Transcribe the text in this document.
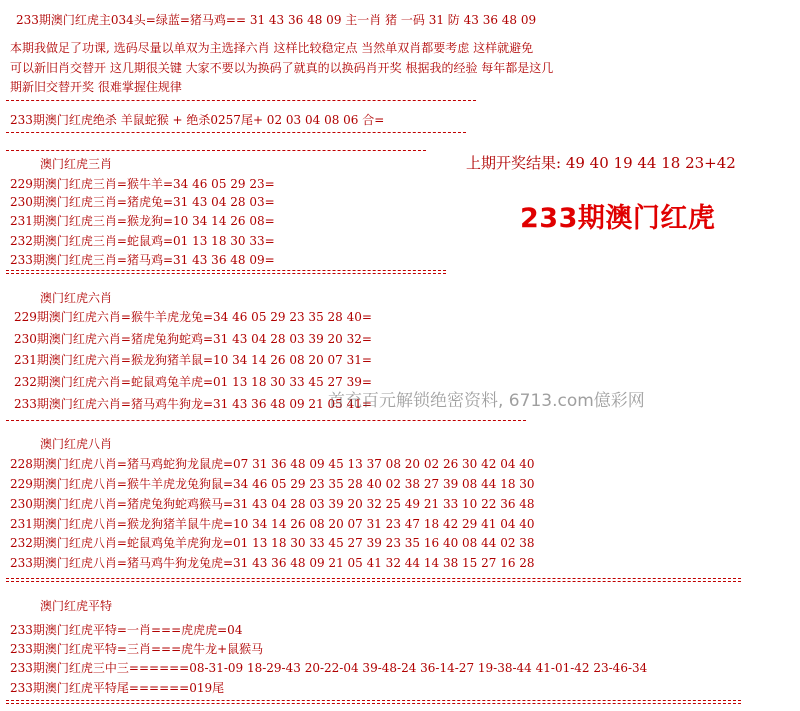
233期澳门红虎主034头=绿蓝=猪马鸡== 31 43 36 48 09 主一肖 猪 一码 31 防 43 36 48 09
本期我做足了功课, 选码尽量以单双为主选择六肖 这样比较稳定点 当然单双肖都要考虑 这样就避免
可以新旧肖交替开 这几期很关键 大家不要以为换码了就真的以换码肖开奖 根据我的经验 每年都是这几
期新旧交替开奖 很难掌握住规律
233期澳门红虎绝杀 羊鼠蛇猴 + 绝杀0257尾+ 02 03 04 08 06 合=
上期开奖结果: 49 40 19 44 18 23+42
233期澳门红虎
澳门红虎三肖
229期澳门红虎三肖=猴牛羊=34 46 05 29 23=
230期澳门红虎三肖=猪虎兔=31 43 04 28 03=
231期澳门红虎三肖=猴龙狗=10 34 14 26 08=
232期澳门红虎三肖=蛇鼠鸡=01 13 18 30 33=
233期澳门红虎三肖=猪马鸡=31 43 36 48 09=
澳门红虎六肖
229期澳门红虎六肖=猴牛羊虎龙兔=34 46 05 29 23 35 28 40=
230期澳门红虎六肖=猪虎兔狗蛇鸡=31 43 04 28 03 39 20 32=
231期澳门红虎六肖=猴龙狗猪羊鼠=10 34 14 26 08 20 07 31=
232期澳门红虎六肖=蛇鼠鸡兔羊虎=01 13 18 30 33 45 27 39=
233期澳门红虎六肖=猪马鸡牛狗龙=31 43 36 48 09 21 05 41=
首充百元解锁绝密资料, 6713.com億彩网
澳门红虎八肖
228期澳门红虎八肖=猪马鸡蛇狗龙鼠虎=07 31 36 48 09 45 13 37 08 20 02 26 30 42 04 40
229期澳门红虎八肖=猴牛羊虎龙兔狗鼠=34 46 05 29 23 35 28 40 02 38 27 39 08 44 18 30
230期澳门红虎八肖=猪虎兔狗蛇鸡猴马=31 43 04 28 03 39 20 32 25 49 21 33 10 22 36 48
231期澳门红虎八肖=猴龙狗猪羊鼠牛虎=10 34 14 26 08 20 07 31 23 47 18 42 29 41 04 40
232期澳门红虎八肖=蛇鼠鸡兔羊虎狗龙=01 13 18 30 33 45 27 39 23 35 16 40 08 44 02 38
233期澳门红虎八肖=猪马鸡牛狗龙兔虎=31 43 36 48 09 21 05 41 32 44 14 38 15 27 16 28
澳门红虎平特
233期澳门红虎平特=一肖===虎虎虎=04
233期澳门红虎平特=三肖===虎牛龙+鼠猴马
233期澳门红虎三中三======08-31-09 18-29-43 20-22-04 39-48-24 36-14-27 19-38-44 41-01-42 23-46-34
233期澳门红虎平特尾======019尾
